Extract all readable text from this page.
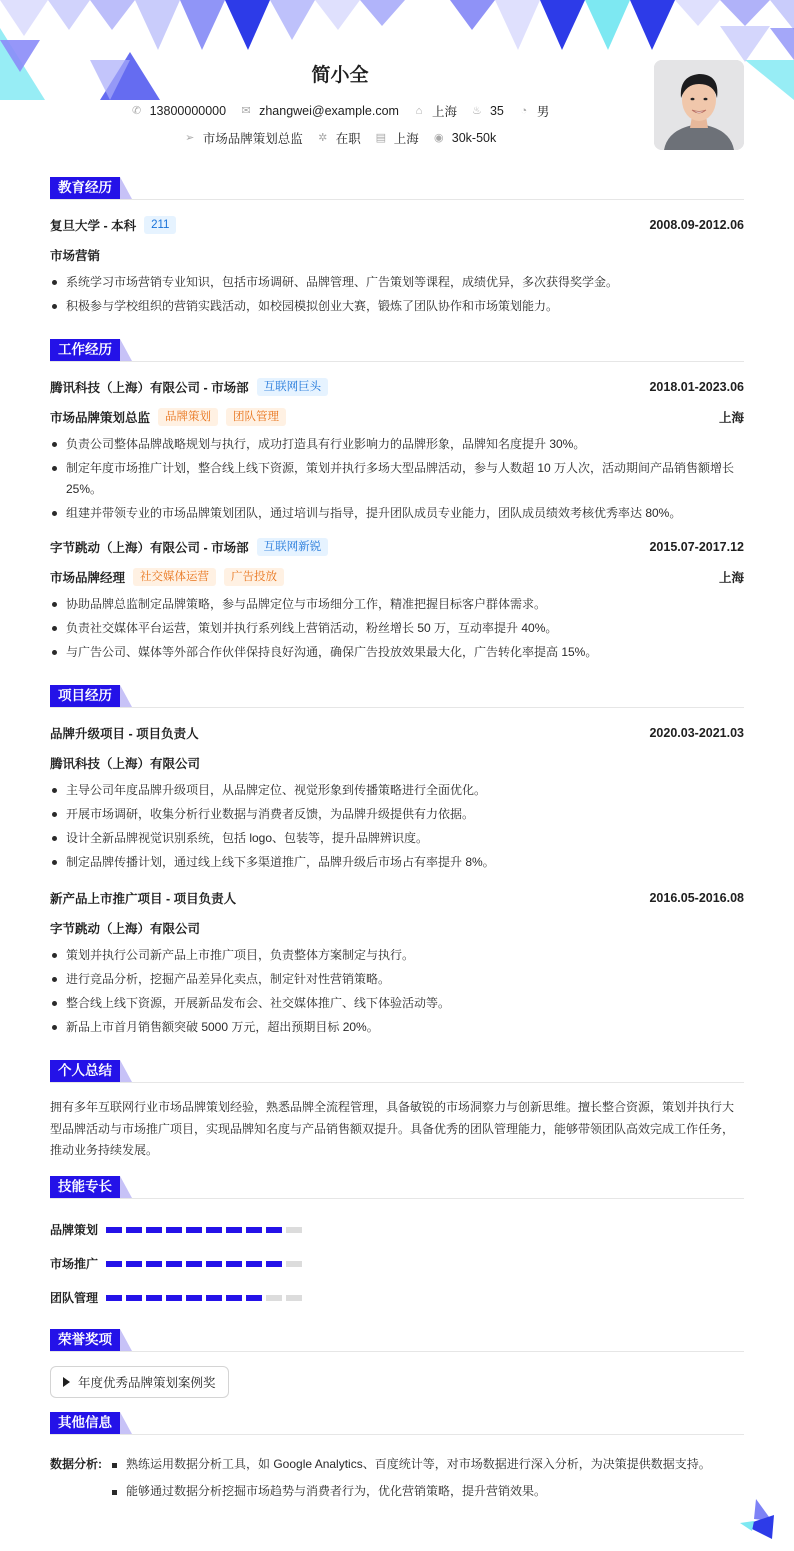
简小全
✆ 13800000000 ✉ zhangwei@example.com ⌂ 上海 ♨ 35 ◔ 男
➢ 市场品牌策划总监 ✲ 在职 ▤ 上海 ◉ 30k-50k
教育经历
复旦大学 - 本科	211	2008.09-2012.06
市场营销
系统学习市场营销专业知识，包括市场调研、品牌管理、广告策划等课程，成绩优异，多次获得奖学金。
积极参与学校组织的营销实践活动，如校园模拟创业大赛，锻炼了团队协作和市场策划能力。
工作经历
腾讯科技（上海）有限公司 - 市场部	互联网巨头	2018.01-2023.06
市场品牌策划总监	品牌策划	团队管理	上海
负责公司整体品牌战略规划与执行，成功打造具有行业影响力的品牌形象，品牌知名度提升 30%。
制定年度市场推广计划，整合线上线下资源，策划并执行多场大型品牌活动，参与人数超 10 万人次，活动期间产品销售额增长 25%。
组建并带领专业的市场品牌策划团队，通过培训与指导，提升团队成员专业能力，团队成员绩效考核优秀率达 80%。
字节跳动（上海）有限公司 - 市场部	互联网新锐	2015.07-2017.12
市场品牌经理	社交媒体运营	广告投放	上海
协助品牌总监制定品牌策略，参与品牌定位与市场细分工作，精准把握目标客户群体需求。
负责社交媒体平台运营，策划并执行系列线上营销活动，粉丝增长 50 万，互动率提升 40%。
与广告公司、媒体等外部合作伙伴保持良好沟通，确保广告投放效果最大化，广告转化率提高 15%。
项目经历
品牌升级项目 - 项目负责人	2020.03-2021.03
腾讯科技（上海）有限公司
主导公司年度品牌升级项目，从品牌定位、视觉形象到传播策略进行全面优化。
开展市场调研，收集分析行业数据与消费者反馈，为品牌升级提供有力依据。
设计全新品牌视觉识别系统，包括 logo、包装等，提升品牌辨识度。
制定品牌传播计划，通过线上线下多渠道推广，品牌升级后市场占有率提升 8%。
新产品上市推广项目 - 项目负责人	2016.05-2016.08
字节跳动（上海）有限公司
策划并执行公司新产品上市推广项目，负责整体方案制定与执行。
进行竞品分析，挖掘产品差异化卖点，制定针对性营销策略。
整合线上线下资源，开展新品发布会、社交媒体推广、线下体验活动等。
新品上市首月销售额突破 5000 万元，超出预期目标 20%。
个人总结
拥有多年互联网行业市场品牌策划经验，熟悉品牌全流程管理，具备敏锐的市场洞察力与创新思维。擅长整合资源，策划并执行大型品牌活动与市场推广项目，实现品牌知名度与产品销售额双提升。具备优秀的团队管理能力，能够带领团队高效完成工作任务，推动业务持续发展。
技能专长
品牌策划
市场推广
团队管理
荣誉奖项
年度优秀品牌策划案例奖
其他信息
数据分析:	熟练运用数据分析工具，如 Google Analytics、百度统计等，对市场数据进行深入分析，为决策提供数据支持。
能够通过数据分析挖掘市场趋势与消费者行为，优化营销策略，提升营销效果。
